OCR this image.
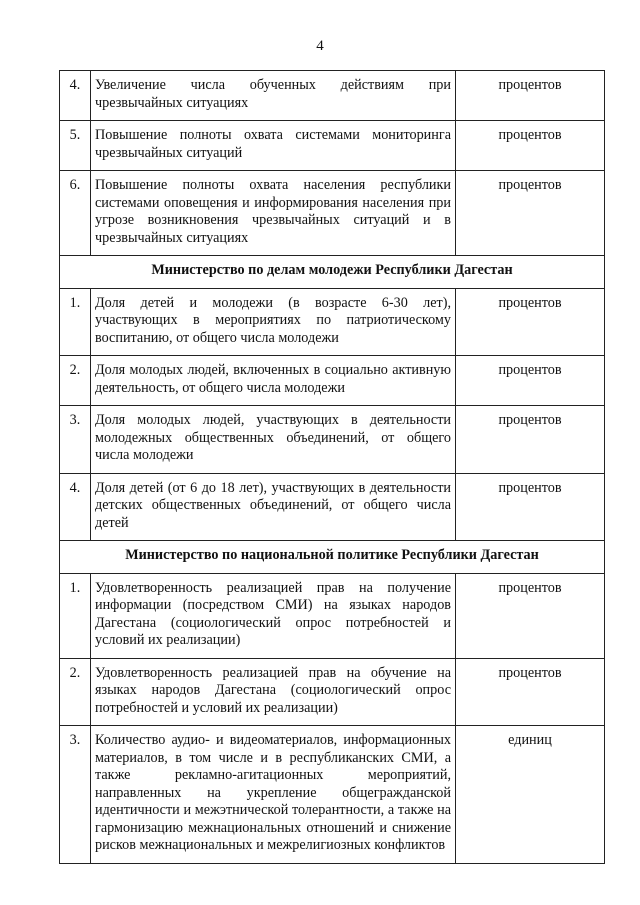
4
4.	Увеличение числа обученных действиям при чрезвычайных ситуациях	процентов
5.	Повышение полноты охвата системами мониторинга чрезвычайных ситуаций	процентов
6.	Повышение полноты охвата населения республики системами оповещения и информирования населения при угрозе возникновения чрезвычайных ситуаций и в чрезвычайных ситуациях	процентов
Министерство по делам молодежи Республики Дагестан		
1.	Доля детей и молодежи (в возрасте 6-30 лет), участвующих в мероприятиях по патриотическому воспитанию, от общего числа молодежи	процентов
2.	Доля молодых людей, включенных в социально активную деятельность, от общего числа молодежи	процентов
3.	Доля молодых людей, участвующих в деятельности молодежных общественных объединений, от общего числа молодежи	процентов
4.	Доля детей (от 6 до 18 лет), участвующих в деятельности детских общественных объединений, от общего числа детей	процентов
Министерство по национальной политике Республики Дагестан		
1.	Удовлетворенность реализацией прав на получение информации (посредством СМИ) на языках народов Дагестана (социологический опрос потребностей и условий их реализации)	процентов
2.	Удовлетворенность реализацией прав на обучение на языках народов Дагестана (социологический опрос потребностей и условий их реализации)	процентов
3.	Количество аудио- и видеоматериалов, информационных материалов, в том числе и в республиканских СМИ, а также рекламно-агитационных мероприятий, направленных на укрепление общегражданской идентичности и межэтнической толерантности, а также на гармонизацию межнациональных отношений и снижение рисков межнациональных и межрелигиозных конфликтов	единиц
